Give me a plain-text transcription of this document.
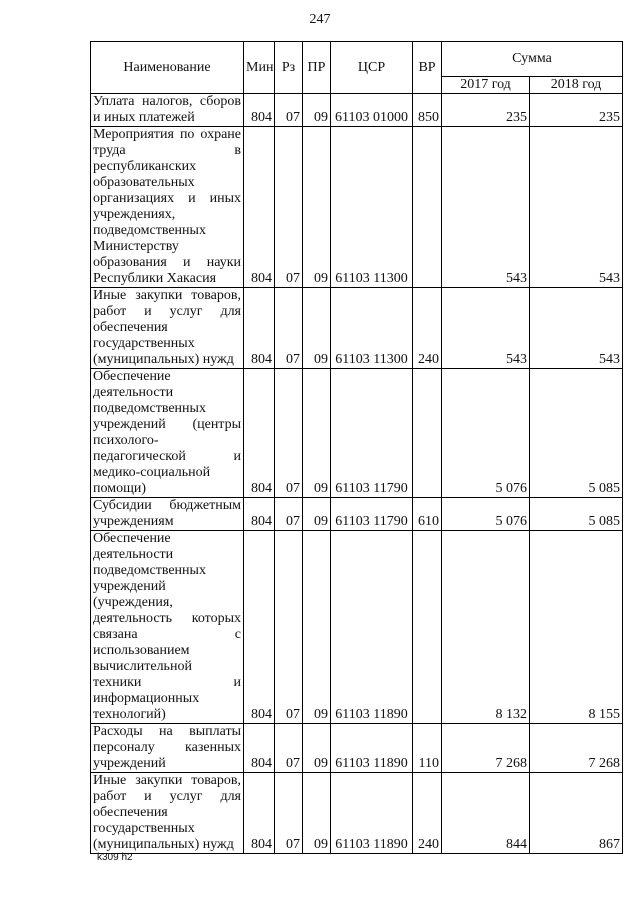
247
Наименование	Мин	Рз	ПР	ЦСР	ВР	Сумма	
						2017 год	2018 год
Уплата налогов, сборов и иных платежей	804	07	09	61103 01000	850	235	235
Мероприятия по охране труда в республиканских образовательных организациях и иных учреждениях, подведомственных Министерству образования и науки Республики Хакасия	804	07	09	61103 11300		543	543
Иные закупки товаров, работ и услуг для обеспечения государственных (муниципальных) нужд	804	07	09	61103 11300	240	543	543
Обеспечение деятельности подведомственных учреждений (центры психолого-педагогической и медико-социальной помощи)	804	07	09	61103 11790		5 076	5 085
Субсидии бюджетным учреждениям	804	07	09	61103 11790	610	5 076	5 085
Обеспечение деятельности подведомственных учреждений (учреждения, деятельность которых связана с использованием вычислительной техники и информационных технологий)	804	07	09	61103 11890		8 132	8 155
Расходы на выплаты персоналу казенных учреждений	804	07	09	61103 11890	110	7 268	7 268
Иные закупки товаров, работ и услуг для обеспечения государственных (муниципальных) нужд	804	07	09	61103 11890	240	844	867
k309 h2
